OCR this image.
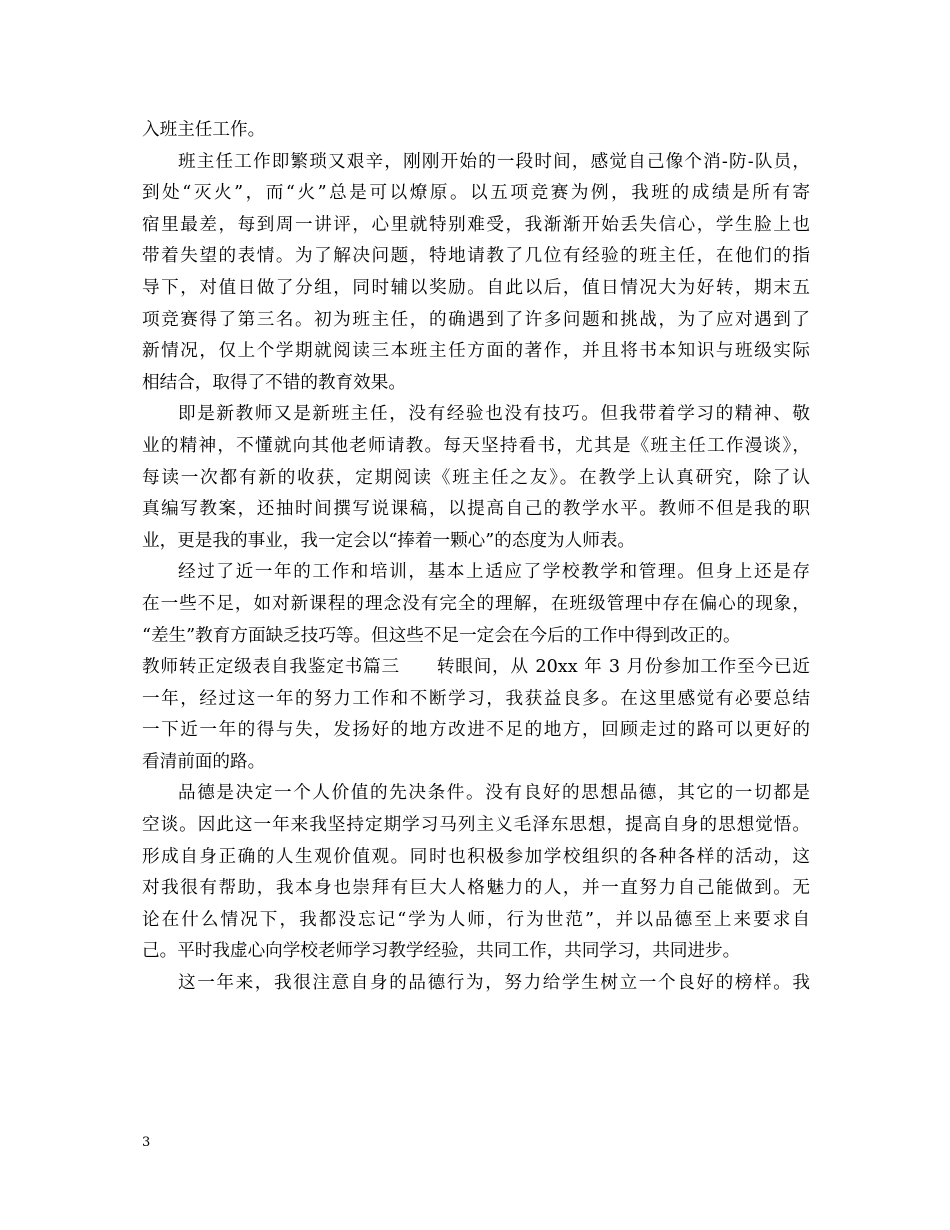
入班主任工作。
班主任工作即繁琐又艰辛，刚刚开始的一段时间，感觉自己像个消-防-队员，
到处“灭火”，而“火”总是可以燎原。以五项竞赛为例，我班的成绩是所有寄
宿里最差，每到周一讲评，心里就特别难受，我渐渐开始丢失信心，学生脸上也
带着失望的表情。为了解决问题，特地请教了几位有经验的班主任，在他们的指
导下，对值日做了分组，同时辅以奖励。自此以后，值日情况大为好转，期末五
项竞赛得了第三名。初为班主任，的确遇到了许多问题和挑战，为了应对遇到了
新情况，仅上个学期就阅读三本班主任方面的著作，并且将书本知识与班级实际
相结合，取得了不错的教育效果。
即是新教师又是新班主任，没有经验也没有技巧。但我带着学习的精神、敬
业的精神，不懂就向其他老师请教。每天坚持看书，尤其是《班主任工作漫谈》，
每读一次都有新的收获，定期阅读《班主任之友》。在教学上认真研究，除了认
真编写教案，还抽时间撰写说课稿，以提高自己的教学水平。教师不但是我的职
业，更是我的事业，我一定会以“捧着一颗心”的态度为人师表。
经过了近一年的工作和培训，基本上适应了学校教学和管理。但身上还是存
在一些不足，如对新课程的理念没有完全的理解，在班级管理中存在偏心的现象，
“差生”教育方面缺乏技巧等。但这些不足一定会在今后的工作中得到改正的。
教师转正定级表自我鉴定书篇三　　转眼间，从 20xx 年 3 月份参加工作至今已近
一年，经过这一年的努力工作和不断学习，我获益良多。在这里感觉有必要总结
一下近一年的得与失，发扬好的地方改进不足的地方，回顾走过的路可以更好的
看清前面的路。
品德是决定一个人价值的先决条件。没有良好的思想品德，其它的一切都是
空谈。因此这一年来我坚持定期学习马列主义毛泽东思想，提高自身的思想觉悟。
形成自身正确的人生观价值观。同时也积极参加学校组织的各种各样的活动，这
对我很有帮助，我本身也崇拜有巨大人格魅力的人，并一直努力自己能做到。无
论在什么情况下，我都没忘记“学为人师，行为世范”，并以品德至上来要求自
己。平时我虚心向学校老师学习教学经验，共同工作，共同学习，共同进步。
这一年来，我很注意自身的品德行为，努力给学生树立一个良好的榜样。我
3
